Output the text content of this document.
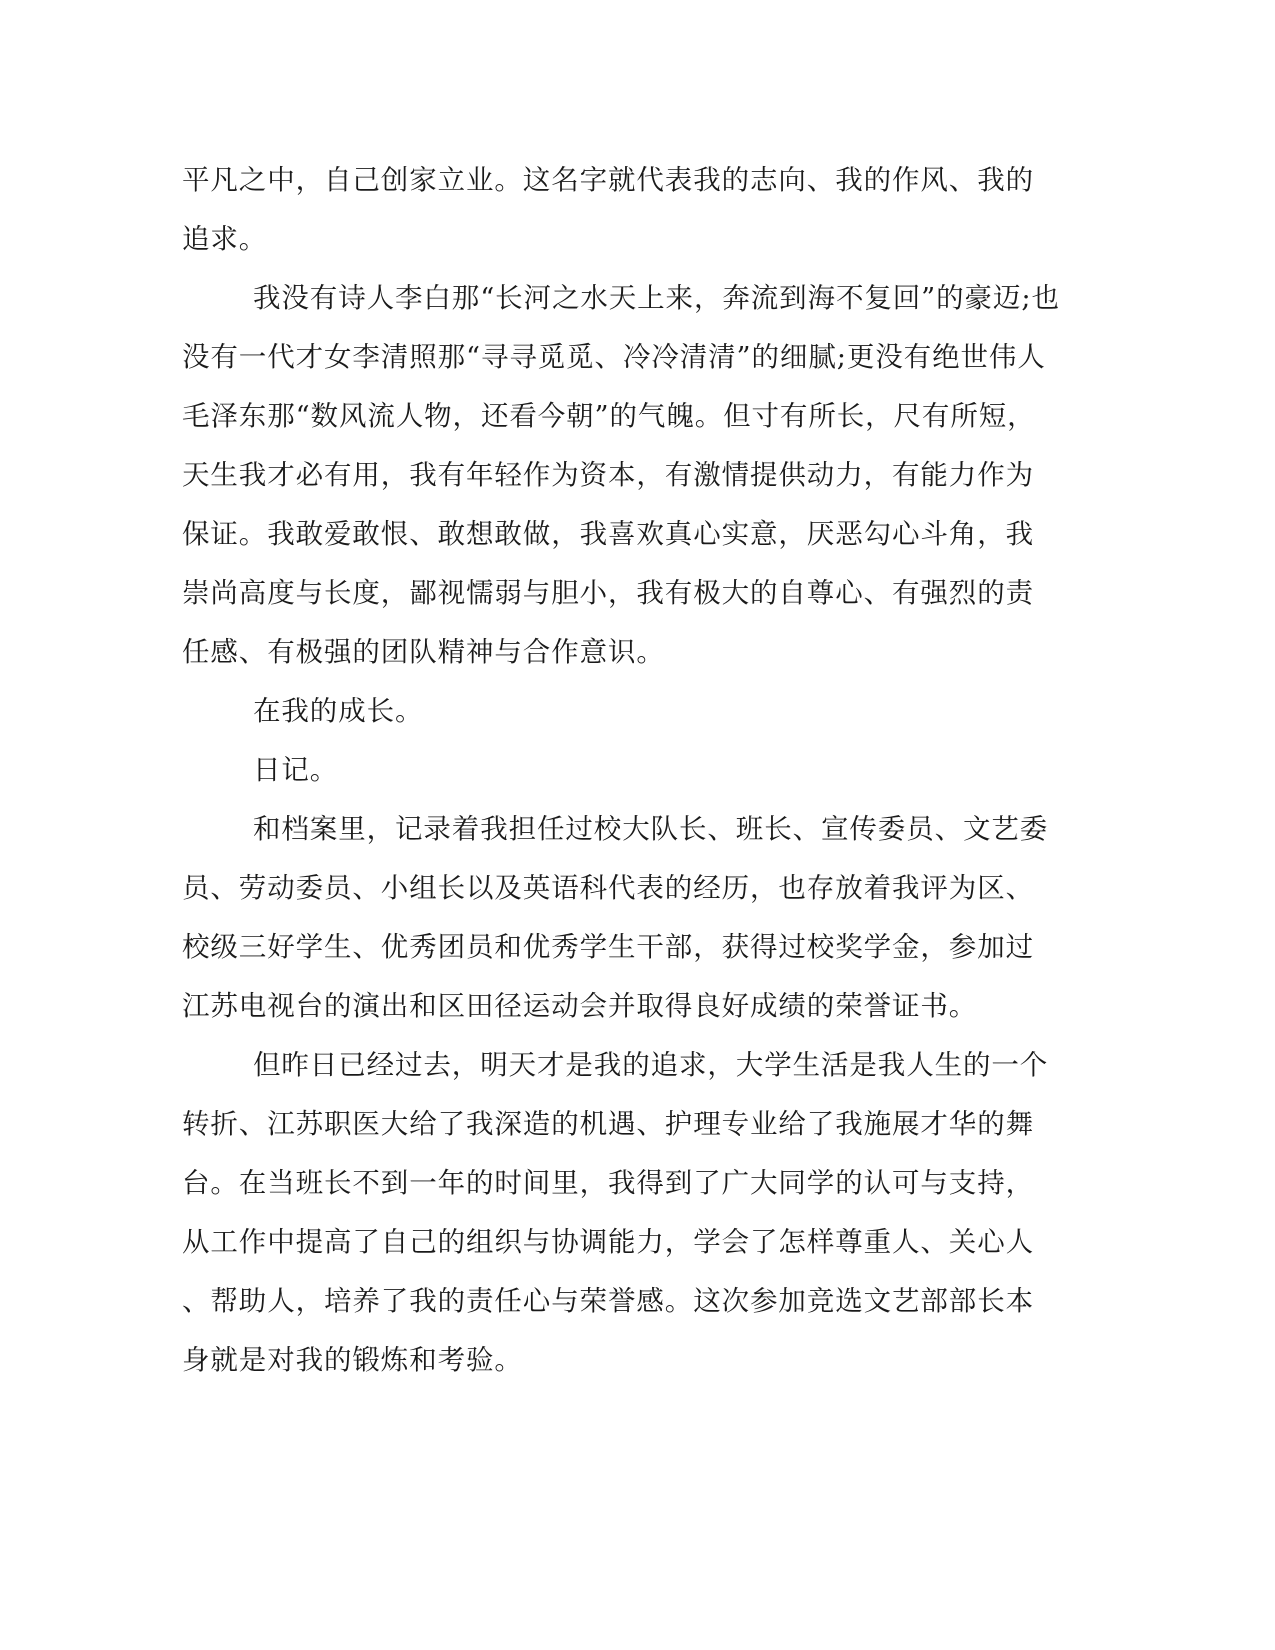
平凡之中，自己创家立业。这名字就代表我的志向、我的作风、我的

追求。

我没有诗人李白那“长河之水天上来，奔流到海不复回”的豪迈;也

没有一代才女李清照那“寻寻觅觅、冷冷清清”的细腻;更没有绝世伟人

毛泽东那“数风流人物，还看今朝”的气魄。但寸有所长，尺有所短，

天生我才必有用，我有年轻作为资本，有激情提供动力，有能力作为

保证。我敢爱敢恨、敢想敢做，我喜欢真心实意，厌恶勾心斗角，我

崇尚高度与长度，鄙视懦弱与胆小，我有极大的自尊心、有强烈的责

任感、有极强的团队精神与合作意识。

在我的成长。

日记。

和档案里，记录着我担任过校大队长、班长、宣传委员、文艺委

员、劳动委员、小组长以及英语科代表的经历，也存放着我评为区、

校级三好学生、优秀团员和优秀学生干部，获得过校奖学金，参加过

江苏电视台的演出和区田径运动会并取得良好成绩的荣誉证书。

但昨日已经过去，明天才是我的追求，大学生活是我人生的一个

转折、江苏职医大给了我深造的机遇、护理专业给了我施展才华的舞

台。在当班长不到一年的时间里，我得到了广大同学的认可与支持，

从工作中提高了自己的组织与协调能力，学会了怎样尊重人、关心人

、帮助人，培养了我的责任心与荣誉感。这次参加竞选文艺部部长本

身就是对我的锻炼和考验。
